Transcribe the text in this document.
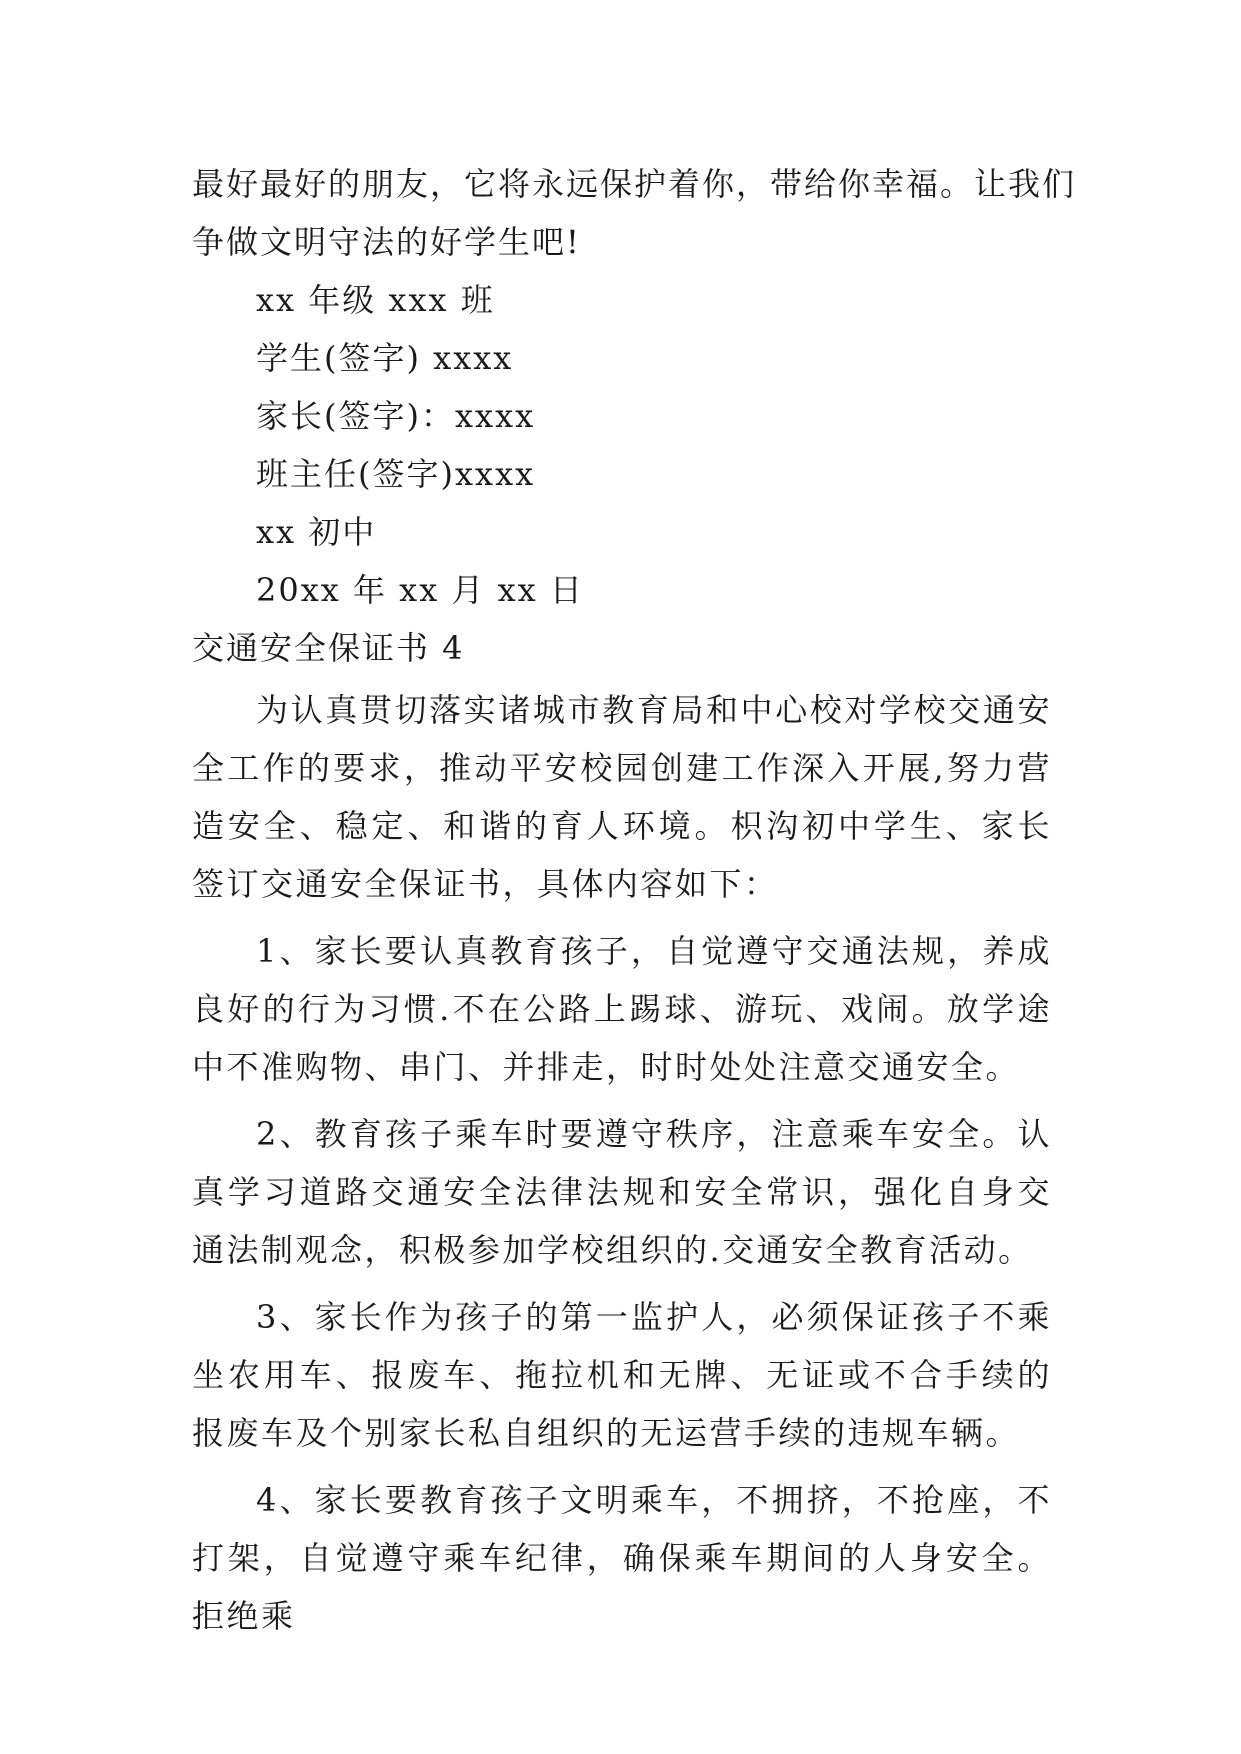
最好最好的朋友，它将永远保护着你，带给你幸福。让我们

争做文明守法的好学生吧!

xx 年级 xxx 班

学生(签字) xxxx

家长(签字)：xxxx

班主任(签字)xxxx

xx 初中

20xx 年 xx 月 xx 日

交通安全保证书 4

为认真贯切落实诸城市教育局和中心校对学校交通安全工作的要求，推动平安校园创建工作深入开展,努力营造安全、稳定、和谐的育人环境。枳沟初中学生、家长签订交通安全保证书，具体内容如下：

1、家长要认真教育孩子，自觉遵守交通法规，养成良好的行为习惯.不在公路上踢球、游玩、戏闹。放学途中不准购物、串门、并排走，时时处处注意交通安全。

2、教育孩子乘车时要遵守秩序，注意乘车安全。认真学习道路交通安全法律法规和安全常识，强化自身交通法制观念，积极参加学校组织的.交通安全教育活动。

3、家长作为孩子的第一监护人，必须保证孩子不乘坐农用车、报废车、拖拉机和无牌、无证或不合手续的报废车及个别家长私自组织的无运营手续的违规车辆。

4、家长要教育孩子文明乘车，不拥挤，不抢座，不打架，自觉遵守乘车纪律，确保乘车期间的人身安全。拒绝乘
